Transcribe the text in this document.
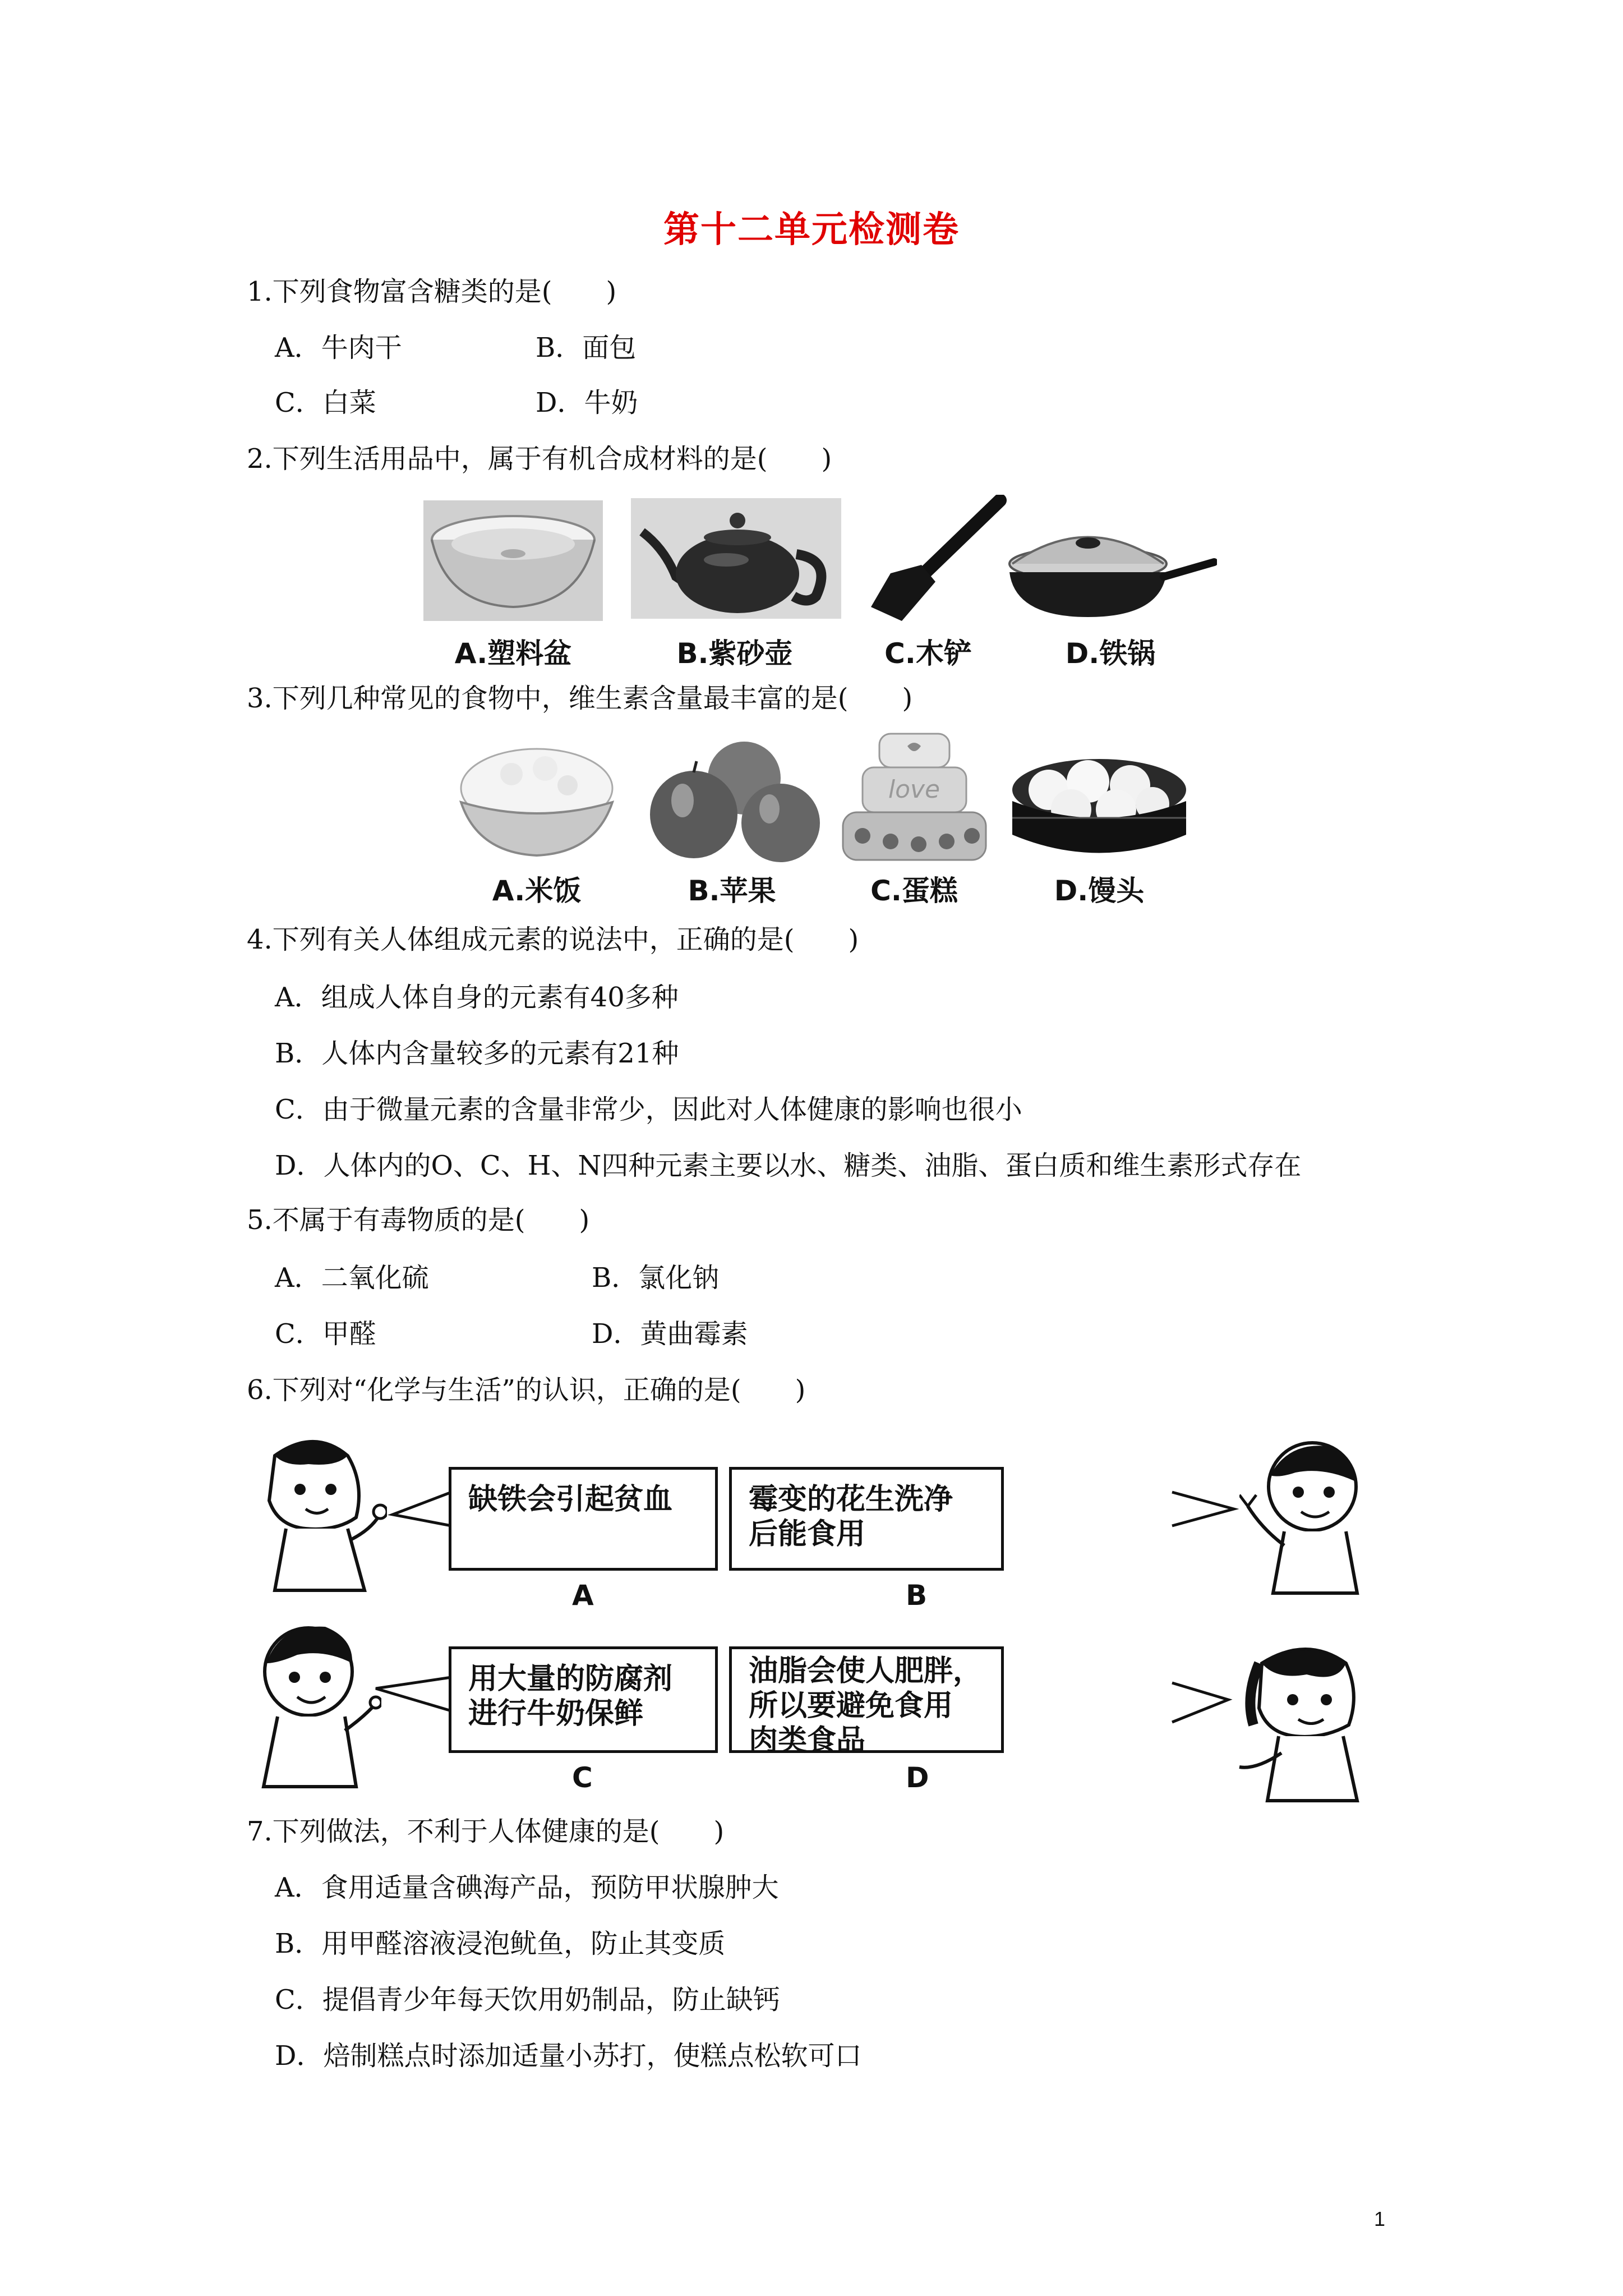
第十二单元检测卷
1.下列食物富含糖类的是(　　)
A．牛肉干	B．面包
C．白菜	D．牛奶
2.下列生活用品中，属于有机合成材料的是(　　)
A.塑料盆	B.紫砂壶	C.木铲	D.铁锅
3.下列几种常见的食物中，维生素含量最丰富的是(　　)
love
A.米饭	B.苹果	C.蛋糕	D.馒头
4.下列有关人体组成元素的说法中，正确的是(　　)
A．组成人体自身的元素有40多种
B．人体内含量较多的元素有21种
C．由于微量元素的含量非常少，因此对人体健康的影响也很小
D．人体内的O、C、H、N四种元素主要以水、糖类、油脂、蛋白质和维生素形式存在
5.不属于有毒物质的是(　　)
A．二氧化硫	B．氯化钠
C．甲醛	D．黄曲霉素
6.下列对“化学与生活”的认识，正确的是(　　)
缺铁会引起贫血	霉变的花生洗净
后能食用
A	B
用大量的防腐剂
进行牛奶保鲜
油脂会使人肥胖，
所以要避免食用
肉类食品
C	D
7.下列做法，不利于人体健康的是(　　)
A．食用适量含碘海产品，预防甲状腺肿大
B．用甲醛溶液浸泡鱿鱼，防止其变质
C．提倡青少年每天饮用奶制品，防止缺钙
D．焙制糕点时添加适量小苏打，使糕点松软可口
1
